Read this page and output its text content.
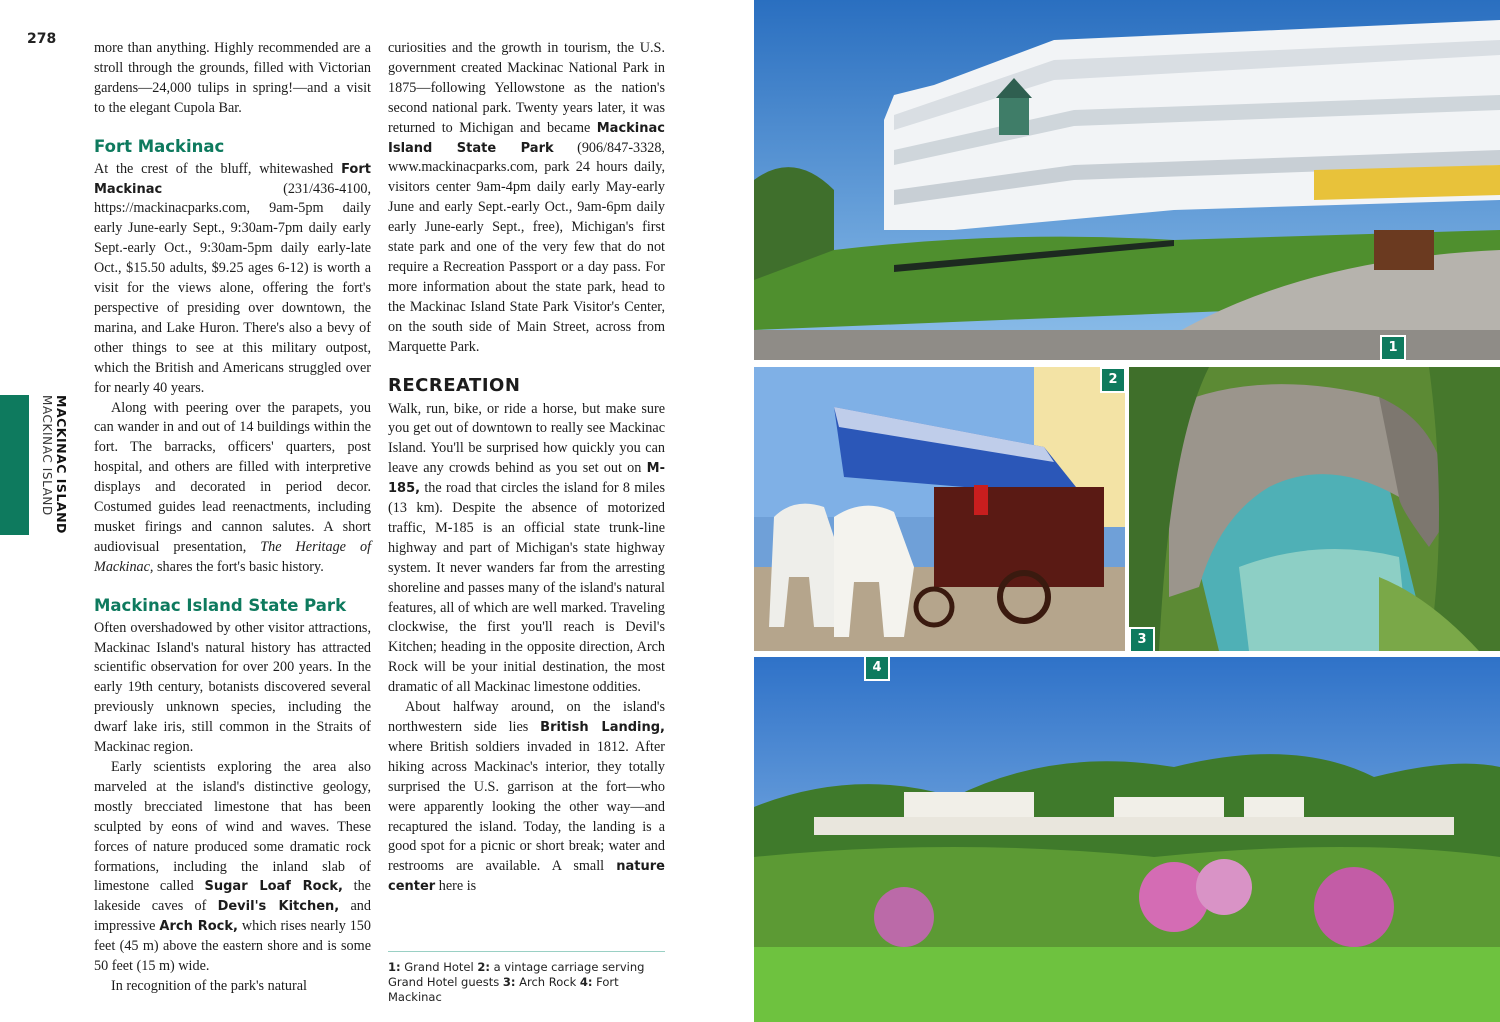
278
MACKINAC ISLAND
MACKINAC ISLAND

more than anything. Highly recommended are a stroll through the grounds, filled with Victorian gardens—24,000 tulips in spring!—and a visit to the elegant Cupola Bar.

Fort Mackinac

At the crest of the bluff, whitewashed Fort Mackinac (231/436-4100, https://mackinacparks.com, 9am-5pm daily early June-early Sept., 9:30am-7pm daily early Sept.-early Oct., 9:30am-5pm daily early-late Oct., $15.50 adults, $9.25 ages 6-12) is worth a visit for the views alone, offering the fort's perspective of presiding over downtown, the marina, and Lake Huron. There's also a bevy of other things to see at this military outpost, which the British and Americans struggled over for nearly 40 years.

Along with peering over the parapets, you can wander in and out of 14 buildings within the fort. The barracks, officers' quarters, post hospital, and others are filled with interpretive displays and decorated in period decor. Costumed guides lead reenactments, including musket firings and cannon salutes. A short audiovisual presentation, The Heritage of Mackinac, shares the fort's basic history.

Mackinac Island State Park

Often overshadowed by other visitor attractions, Mackinac Island's natural history has attracted scientific observation for over 200 years. In the early 19th century, botanists discovered several previously unknown species, including the dwarf lake iris, still common in the Straits of Mackinac region.

Early scientists exploring the area also marveled at the island's distinctive geology, mostly brecciated limestone that has been sculpted by eons of wind and waves. These forces of nature produced some dramatic rock formations, including the inland slab of limestone called Sugar Loaf Rock, the lakeside caves of Devil's Kitchen, and impressive Arch Rock, which rises nearly 150 feet (45 m) above the eastern shore and is some 50 feet (15 m) wide.

In recognition of the park's natural

curiosities and the growth in tourism, the U.S. government created Mackinac National Park in 1875—following Yellowstone as the nation's second national park. Twenty years later, it was returned to Michigan and became Mackinac Island State Park (906/847-3328, www.mackinacparks.com, park 24 hours daily, visitors center 9am-4pm daily early May-early June and early Sept.-early Oct., 9am-6pm daily early June-early Sept., free), Michigan's first state park and one of the very few that do not require a Recreation Passport or a day pass. For more information about the state park, head to the Mackinac Island State Park Visitor's Center, on the south side of Main Street, across from Marquette Park.

RECREATION

Walk, run, bike, or ride a horse, but make sure you get out of downtown to really see Mackinac Island. You'll be surprised how quickly you can leave any crowds behind as you set out on M-185, the road that circles the island for 8 miles (13 km). Despite the absence of motorized traffic, M-185 is an official state trunk-line highway and part of Michigan's state highway system. It never wanders far from the arresting shoreline and passes many of the island's natural features, all of which are well marked. Traveling clockwise, the first you'll reach is Devil's Kitchen; heading in the opposite direction, Arch Rock will be your initial destination, the most dramatic of all Mackinac limestone oddities.

About halfway around, on the island's northwestern side lies British Landing, where British soldiers invaded in 1812. After hiking across Mackinac's interior, they totally surprised the U.S. garrison at the fort—who were apparently looking the other way—and recaptured the island. Today, the landing is a good spot for a picnic or short break; water and restrooms are available. A small nature center here is

1: Grand Hotel 2: a vintage carriage serving Grand Hotel guests 3: Arch Rock 4: Fort Mackinac
1
2
3
4
